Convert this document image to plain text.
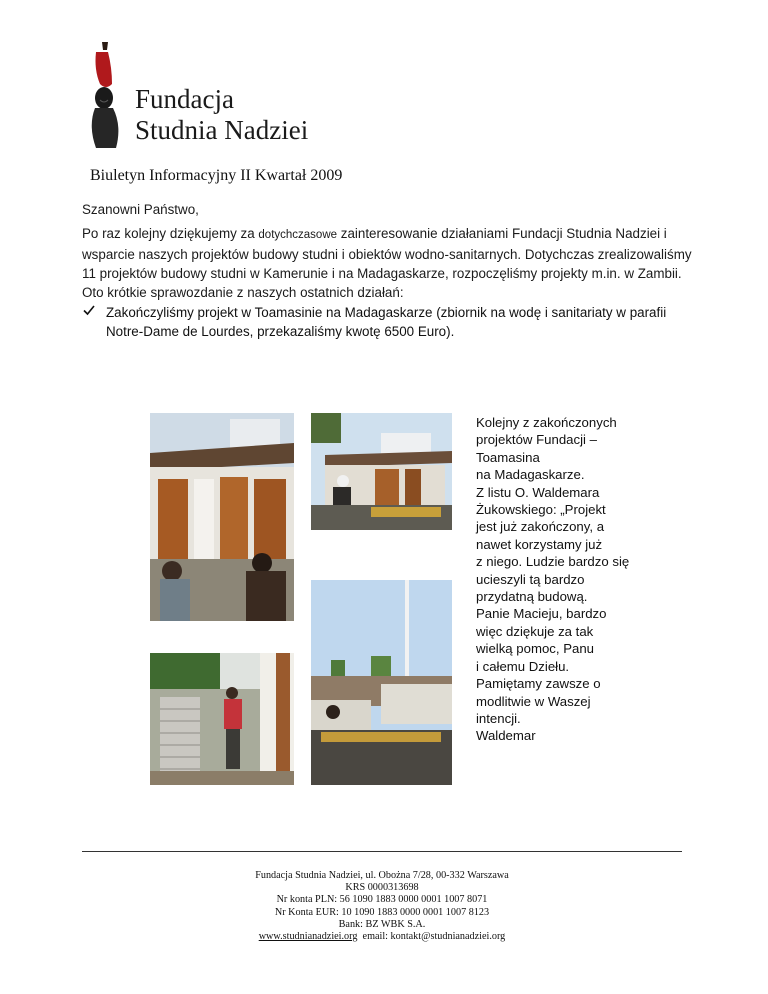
Fundacja
Studnia Nadziei
Biuletyn Informacyjny II Kwartał 2009
Szanowni Państwo,
Po raz kolejny dziękujemy za dotychczasowe zainteresowanie działaniami Fundacji Studnia Nadziei i wsparcie naszych projektów budowy studni i obiektów wodno-sanitarnych. Dotychczas zrealizowaliśmy 11 projektów budowy studni w Kamerunie i na Madagaskarze, rozpoczęliśmy projekty m.in. w Zambii. Oto krótkie sprawozdanie z naszych ostatnich działań:
Zakończyliśmy projekt w Toamasinie na Madagaskarze (zbiornik na wodę i sanitariaty w parafii Notre-Dame de Lourdes, przekazaliśmy kwotę 6500 Euro).
Kolejny z zakończonych
projektów Fundacji –
Toamasina
na Madagaskarze.
Z listu O. Waldemara
Żukowskiego: „Projekt
jest już zakończony, a
nawet korzystamy już
z niego. Ludzie bardzo się
ucieszyli tą bardzo
przydatną budową.
Panie Macieju, bardzo
więc dziękuje za tak
wielką pomoc, Panu
i całemu Dziełu.
Pamiętamy zawsze o
modlitwie w Waszej
intencji.
Waldemar
Fundacja Studnia Nadziei, ul. Obożna 7/28, 00-332 Warszawa
KRS 0000313698
Nr konta PLN: 56 1090 1883 0000 0001 1007 8071
Nr Konta EUR: 10 1090 1883 0000 0001 1007 8123
Bank: BZ WBK S.A.
www.studnianadziei.org email: kontakt@studnianadziei.org
